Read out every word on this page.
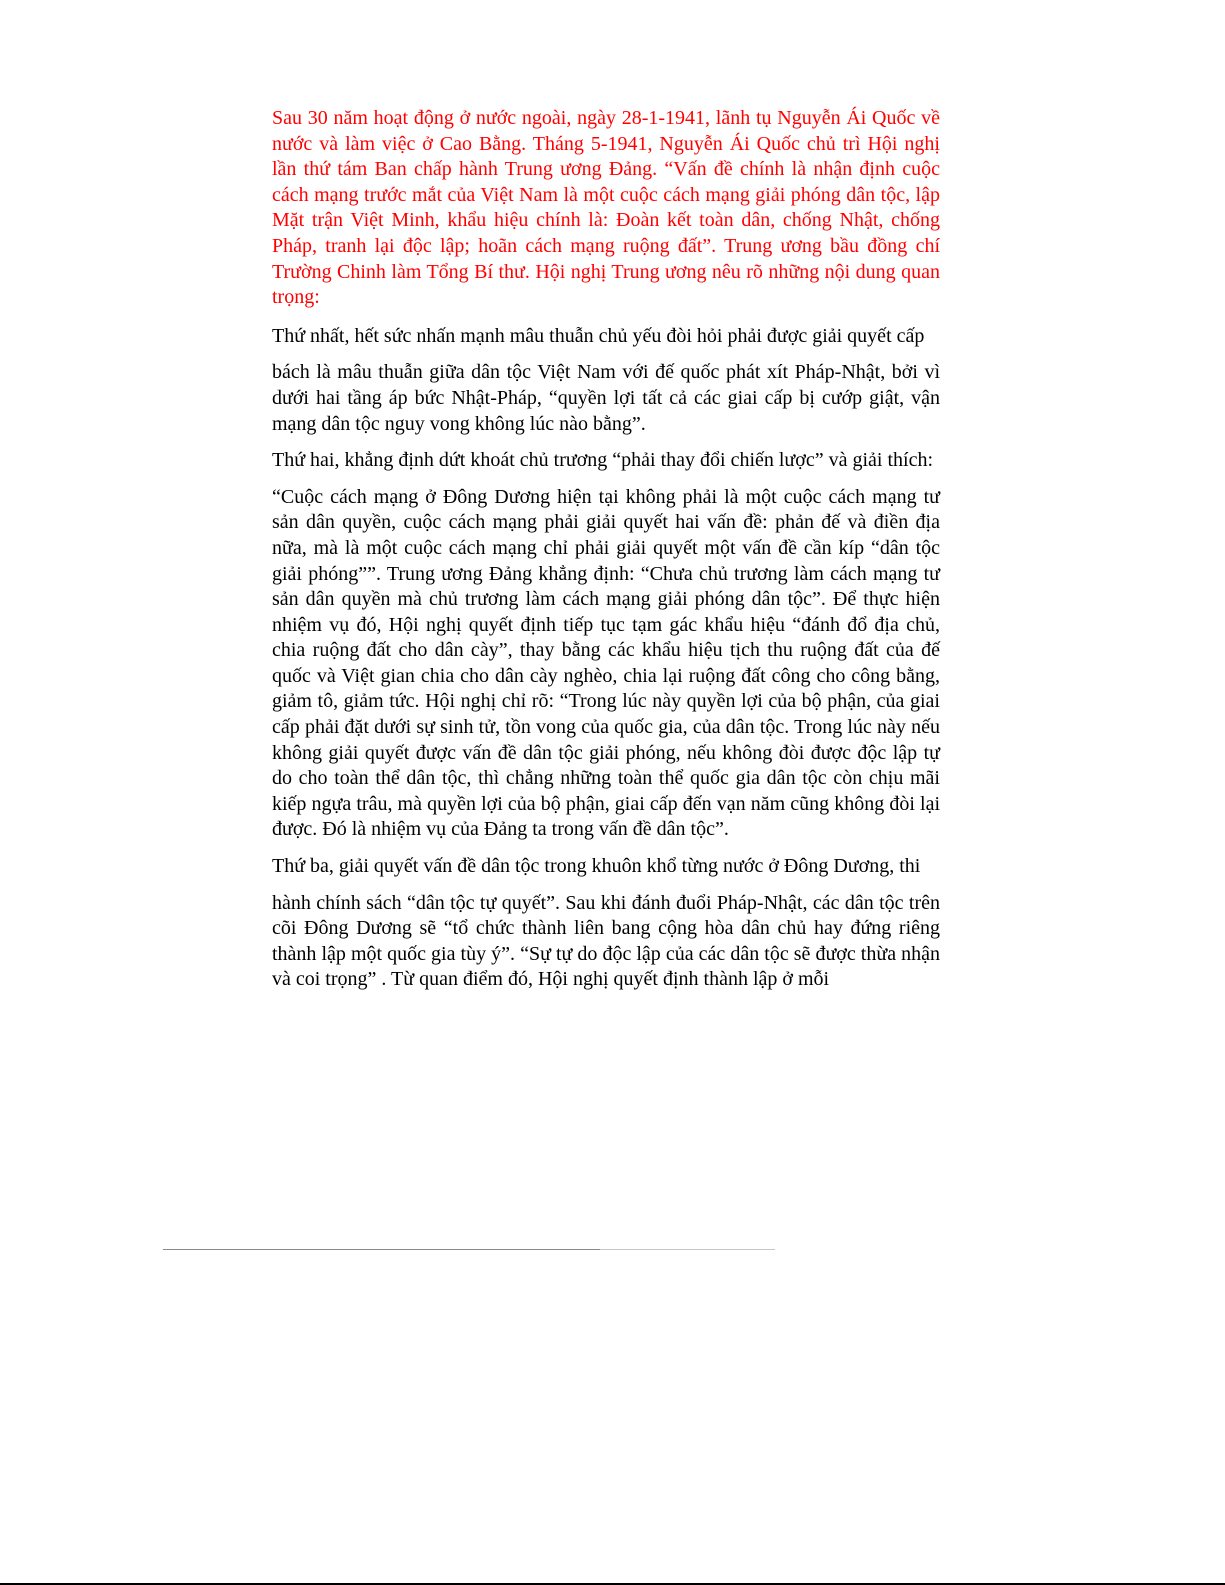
Sau 30 năm hoạt động ở nước ngoài, ngày 28-1-1941, lãnh tụ Nguyễn Ái Quốc về nước và làm việc ở Cao Bằng. Tháng 5-1941, Nguyễn Ái Quốc chủ trì Hội nghị lần thứ tám Ban chấp hành Trung ương Đảng. “Vấn đề chính là nhận định cuộc cách mạng trước mắt của Việt Nam là một cuộc cách mạng giải phóng dân tộc, lập Mặt trận Việt Minh, khẩu hiệu chính là: Đoàn kết toàn dân, chống Nhật, chống Pháp, tranh lại độc lập; hoãn cách mạng ruộng đất”. Trung ương bầu đồng chí Trường Chinh làm Tổng Bí thư. Hội nghị Trung ương nêu rõ những nội dung quan trọng:

Thứ nhất, hết sức nhấn mạnh mâu thuẫn chủ yếu đòi hỏi phải được giải quyết cấp

bách là mâu thuẫn giữa dân tộc Việt Nam với đế quốc phát xít Pháp-Nhật, bởi vì dưới hai tầng áp bức Nhật-Pháp, “quyền lợi tất cả các giai cấp bị cướp giật, vận mạng dân tộc nguy vong không lúc nào bằng”.

Thứ hai, khẳng định dứt khoát chủ trương “phải thay đổi chiến lược” và giải thích:

“Cuộc cách mạng ở Đông Dương hiện tại không phải là một cuộc cách mạng tư sản dân quyền, cuộc cách mạng phải giải quyết hai vấn đề: phản đế và điền địa nữa, mà là một cuộc cách mạng chỉ phải giải quyết một vấn đề cần kíp “dân tộc giải phóng””. Trung ương Đảng khẳng định: “Chưa chủ trương làm cách mạng tư sản dân quyền mà chủ trương làm cách mạng giải phóng dân tộc”. Để thực hiện nhiệm vụ đó, Hội nghị quyết định tiếp tục tạm gác khẩu hiệu “đánh đổ địa chủ, chia ruộng đất cho dân cày”, thay bằng các khẩu hiệu tịch thu ruộng đất của đế quốc và Việt gian chia cho dân cày nghèo, chia lại ruộng đất công cho công bằng, giảm tô, giảm tức. Hội nghị chỉ rõ: “Trong lúc này quyền lợi của bộ phận, của giai cấp phải đặt dưới sự sinh tử, tồn vong của quốc gia, của dân tộc. Trong lúc này nếu không giải quyết được vấn đề dân tộc giải phóng, nếu không đòi được độc lập tự do cho toàn thể dân tộc, thì chẳng những toàn thể quốc gia dân tộc còn chịu mãi kiếp ngựa trâu, mà quyền lợi của bộ phận, giai cấp đến vạn năm cũng không đòi lại được. Đó là nhiệm vụ của Đảng ta trong vấn đề dân tộc”.

Thứ ba, giải quyết vấn đề dân tộc trong khuôn khổ từng nước ở Đông Dương, thi

hành chính sách “dân tộc tự quyết”. Sau khi đánh đuổi Pháp-Nhật, các dân tộc trên cõi Đông Dương sẽ “tổ chức thành liên bang cộng hòa dân chủ hay đứng riêng thành lập một quốc gia tùy ý”. “Sự tự do độc lập của các dân tộc sẽ được thừa nhận và coi trọng” . Từ quan điểm đó, Hội nghị quyết định thành lập ở mỗi
